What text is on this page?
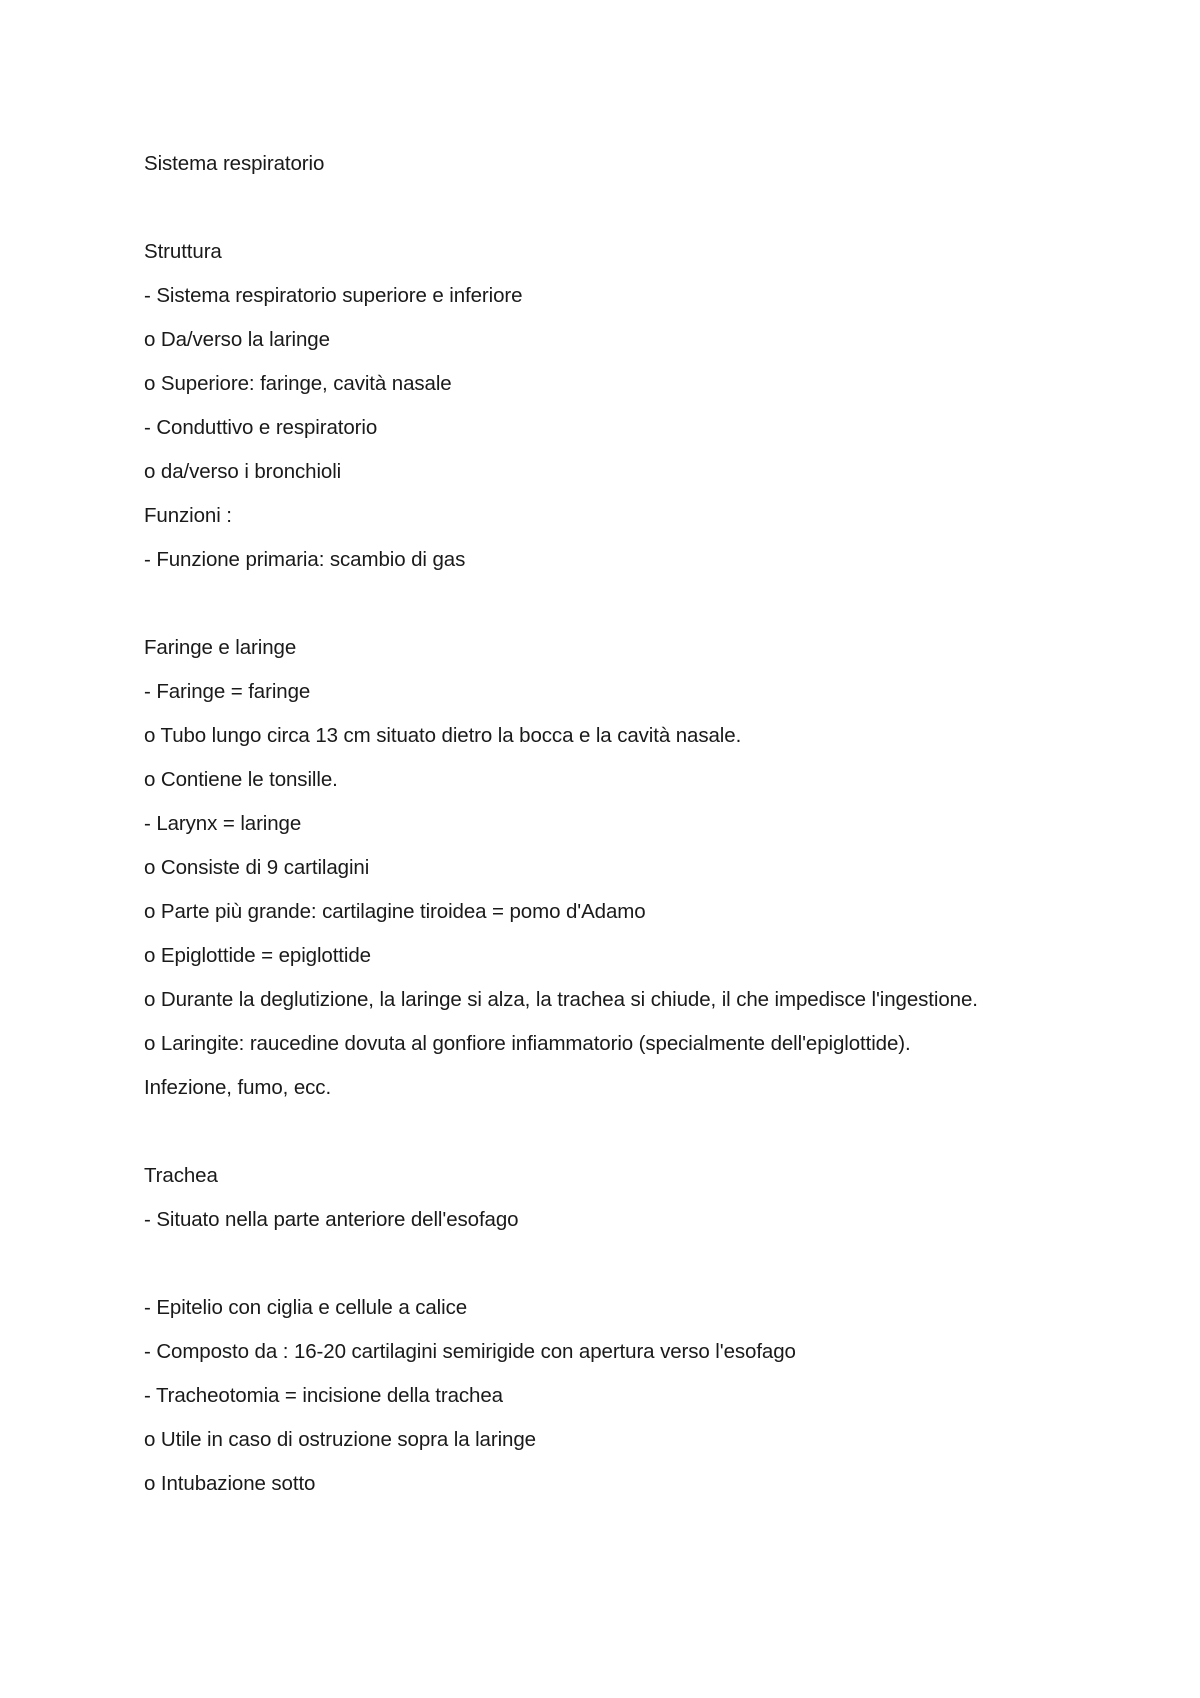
Sistema respiratorio
Struttura
- Sistema respiratorio superiore e inferiore
o Da/verso la laringe
o Superiore: faringe, cavità nasale
- Conduttivo e respiratorio
o da/verso i bronchioli
Funzioni :
- Funzione primaria: scambio di gas
Faringe e laringe
- Faringe = faringe
o Tubo lungo circa 13 cm situato dietro la bocca e la cavità nasale.
o Contiene le tonsille.
- Larynx = laringe
o Consiste di 9 cartilagini
o Parte più grande: cartilagine tiroidea = pomo d'Adamo
o Epiglottide = epiglottide
o Durante la deglutizione, la laringe si alza, la trachea si chiude, il che impedisce l'ingestione.
o Laringite: raucedine dovuta al gonfiore infiammatorio (specialmente dell'epiglottide).
Infezione, fumo, ecc.
Trachea
- Situato nella parte anteriore dell'esofago
- Epitelio con ciglia e cellule a calice
- Composto da : 16-20 cartilagini semirigide con apertura verso l'esofago
- Tracheotomia = incisione della trachea
o Utile in caso di ostruzione sopra la laringe
o Intubazione sotto
